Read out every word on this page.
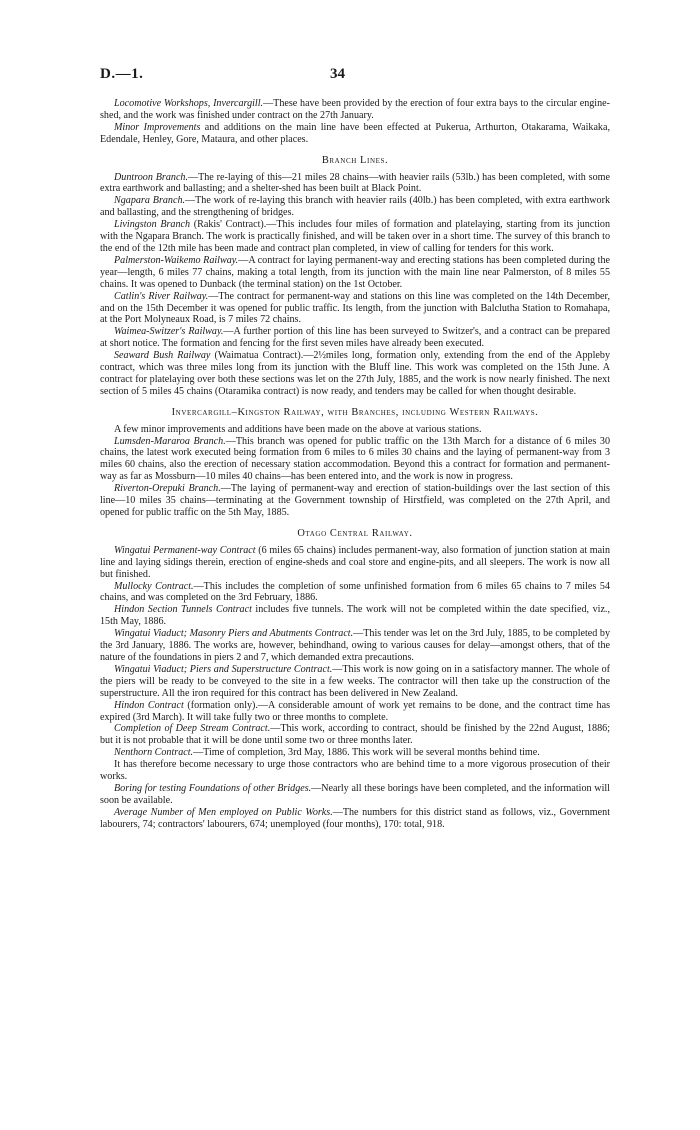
D.—1.	34

Locomotive Workshops, Invercargill.—These have been provided by the erection of four extra bays to the circular engine-shed, and the work was finished under contract on the 27th January.

Minor Improvements and additions on the main line have been effected at Pukerua, Arthurton, Otakarama, Waikaka, Edendale, Henley, Gore, Mataura, and other places.

Branch Lines.

Duntroon Branch.—The re-laying of this—21 miles 28 chains—with heavier rails (53lb.) has been completed, with some extra earthwork and ballasting; and a shelter-shed has been built at Black Point.

Ngapara Branch.—The work of re-laying this branch with heavier rails (40lb.) has been completed, with extra earthwork and ballasting, and the strengthening of bridges.

Livingston Branch (Rakis' Contract).—This includes four miles of formation and platelaying, starting from its junction with the Ngapara Branch. The work is practically finished, and will be taken over in a short time. The survey of this branch to the end of the 12th mile has been made and contract plan completed, in view of calling for tenders for this work.

Palmerston-Waikemo Railway.—A contract for laying permanent-way and erecting stations has been completed during the year—length, 6 miles 77 chains, making a total length, from its junction with the main line near Palmerston, of 8 miles 55 chains. It was opened to Dunback (the terminal station) on the 1st October.

Catlin's River Railway.—The contract for permanent-way and stations on this line was completed on the 14th December, and on the 15th December it was opened for public traffic. Its length, from the junction with Balclutha Station to Romahapa, at the Port Molyneaux Road, is 7 miles 72 chains.

Waimea-Switzer's Railway.—A further portion of this line has been surveyed to Switzer's, and a contract can be prepared at short notice. The formation and fencing for the first seven miles have already been executed.

Seaward Bush Railway (Waimatua Contract).—2½miles long, formation only, extending from the end of the Appleby contract, which was three miles long from its junction with the Bluff line. This work was completed on the 15th June. A contract for platelaying over both these sections was let on the 27th July, 1885, and the work is now nearly finished. The next section of 5 miles 45 chains (Otaramika contract) is now ready, and tenders may be called for when thought desirable.

Invercargill–Kingston Railway, with Branches, including Western Railways.

A few minor improvements and additions have been made on the above at various stations.

Lumsden-Mararoa Branch.—This branch was opened for public traffic on the 13th March for a distance of 6 miles 30 chains, the latest work executed being formation from 6 miles to 6 miles 30 chains and the laying of permanent-way from 3 miles 60 chains, also the erection of necessary station accommodation. Beyond this a contract for formation and permanent-way as far as Mossburn—10 miles 40 chains—has been entered into, and the work is now in progress.

Riverton-Orepuki Branch.—The laying of permanent-way and erection of station-buildings over the last section of this line—10 miles 35 chains—terminating at the Government township of Hirstfield, was completed on the 27th April, and opened for public traffic on the 5th May, 1885.

Otago Central Railway.

Wingatui Permanent-way Contract (6 miles 65 chains) includes permanent-way, also formation of junction station at main line and laying sidings therein, erection of engine-sheds and coal store and engine-pits, and all sleepers. The work is now all but finished.

Mullocky Contract.—This includes the completion of some unfinished formation from 6 miles 65 chains to 7 miles 54 chains, and was completed on the 3rd February, 1886.

Hindon Section Tunnels Contract includes five tunnels. The work will not be completed within the date specified, viz., 15th May, 1886.

Wingatui Viaduct; Masonry Piers and Abutments Contract.—This tender was let on the 3rd July, 1885, to be completed by the 3rd January, 1886. The works are, however, behindhand, owing to various causes for delay—amongst others, that of the nature of the foundations in piers 2 and 7, which demanded extra precautions.

Wingatui Viaduct; Piers and Superstructure Contract.—This work is now going on in a satisfactory manner. The whole of the piers will be ready to be conveyed to the site in a few weeks. The contractor will then take up the construction of the superstructure. All the iron required for this contract has been delivered in New Zealand.

Hindon Contract (formation only).—A considerable amount of work yet remains to be done, and the contract time has expired (3rd March). It will take fully two or three months to complete.

Completion of Deep Stream Contract.—This work, according to contract, should be finished by the 22nd August, 1886; but it is not probable that it will be done until some two or three months later.

Nenthorn Contract.—Time of completion, 3rd May, 1886. This work will be several months behind time.

It has therefore become necessary to urge those contractors who are behind time to a more vigorous prosecution of their works.

Boring for testing Foundations of other Bridges.—Nearly all these borings have been completed, and the information will soon be available.

Average Number of Men employed on Public Works.—The numbers for this district stand as follows, viz., Government labourers, 74; contractors' labourers, 674; unemployed (four months), 170: total, 918.
